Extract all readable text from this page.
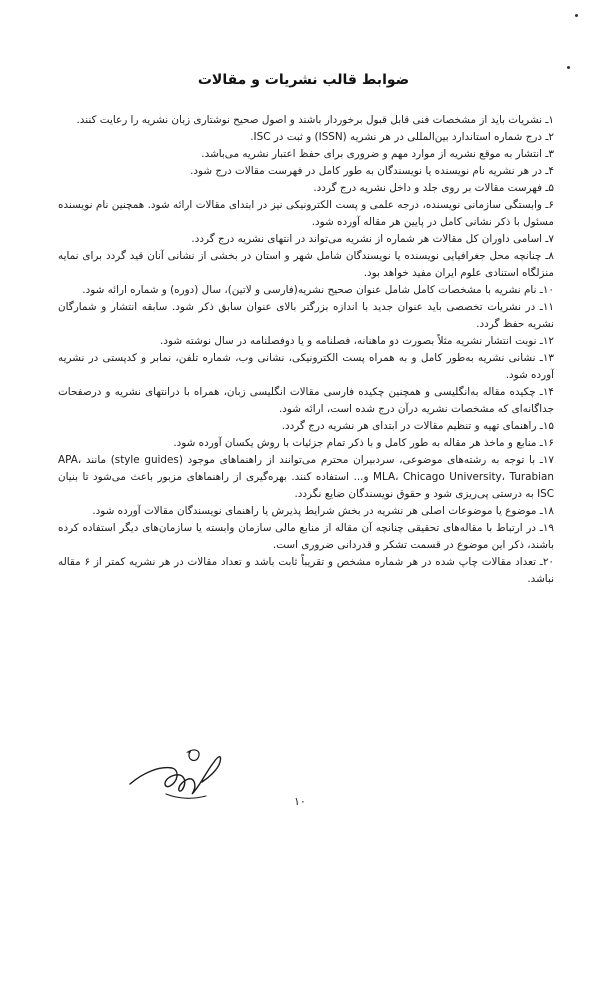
ضوابط قالب نشریات و مقالات

۱ـ نشریات باید از مشخصات فنی قابل قبول برخوردار باشند و اصول صحیح نوشتاری زبان نشریه را رعایت کنند.

۲ـ درج شماره استاندارد بین‌المللی در هر نشریه (ISSN) و ثبت در ISC.

۳ـ انتشار به موقع نشریه از موارد مهم و ضروری برای حفظ اعتبار نشریه می‌باشد.

۴ـ در هر نشریه نام نویسنده یا نویسندگان به طور کامل در فهرست مقالات درج شود.

۵ـ فهرست مقالات بر روی جلد و داخل نشریه درج گردد.

۶ـ وابستگی سازمانی نویسنده، درجه علمی و پست الکترونیکی نیز در ابتدای مقالات ارائه شود. همچنین نام نویسنده مسئول با ذکر نشانی کامل در پایین هر مقاله آورده شود.

۷ـ اسامی داوران کل مقالات هر شماره از نشریه می‌تواند در انتهای نشریه درج گردد.

۸ـ چنانچه محل جغرافیایی نویسنده یا نویسندگان شامل شهر و استان در بخشی از نشانی آنان قید گردد برای نمایه منزلگاه استنادی علوم ایران مفید خواهد بود.

۱۰ـ نام نشریه با مشخصات کامل شامل عنوان صحیح نشریه(فارسی و لاتین)، سال (دوره) و شماره ارائه شود.

۱۱ـ در نشریات تخصصی باید عنوان جدید با اندازه بزرگتر بالای عنوان سابق ذکر شود. سابقه انتشار و شمارگان نشریه حفظ گردد.

۱۲ـ نوبت انتشار نشریه مثلاً بصورت دو ماهنانه، فصلنامه و یا دوفصلنامه در سال نوشته شود.

۱۳ـ نشانی نشریه به‌طور کامل و به همراه پست الکترونیکی، نشانی وب، شماره تلفن، نمابر و کدپستی در نشریه آورده شود.

۱۴ـ چکیده مقاله به‌انگلیسی و همچنین چکیده فارسی مقالات انگلیسی زبان، همراه با درانتهای نشریه و درصفحات جداگانه‌ای که مشخصات نشریه درآن درج شده است، ارائه شود.

۱۵ـ راهنمای تهیه و تنظیم مقالات در ابتدای هر نشریه درج گردد.

۱۶ـ منابع و ماخذ هر مقاله به طور کامل و با ذکر تمام جزئیات با روش یکسان آورده شود.

۱۷ـ با توجه به رشته‌های موضوعی، سردبیران محترم می‌توانند از راهنماهای موجود (style guides) مانند APA، MLA، Chicago University، Turabian و... استفاده کنند. بهره‌گیری از راهنماهای مزبور باعث می‌شود تا بنیان ISC به درستی پی‌ریزی شود و حقوق نویسندگان ضایع نگردد.

۱۸ـ موضوع یا موضوعات اصلی هر نشریه در بخش شرایط پذیرش یا راهنمای نویسندگان مقالات آورده شود.

۱۹ـ در ارتباط با مقاله‌های تحقیقی چنانچه آن مقاله از منابع مالی سازمان وابسته یا سازمان‌های دیگر استفاده کرده باشند، ذکر این موضوع در قسمت تشکر و قدردانی ضروری است.

۲۰ـ تعداد مقالات چاپ شده در هر شماره مشخص و تقریباً ثابت باشد و تعداد مقالات در هر نشریه کمتر از ۶ مقاله نباشد.

۱۰
